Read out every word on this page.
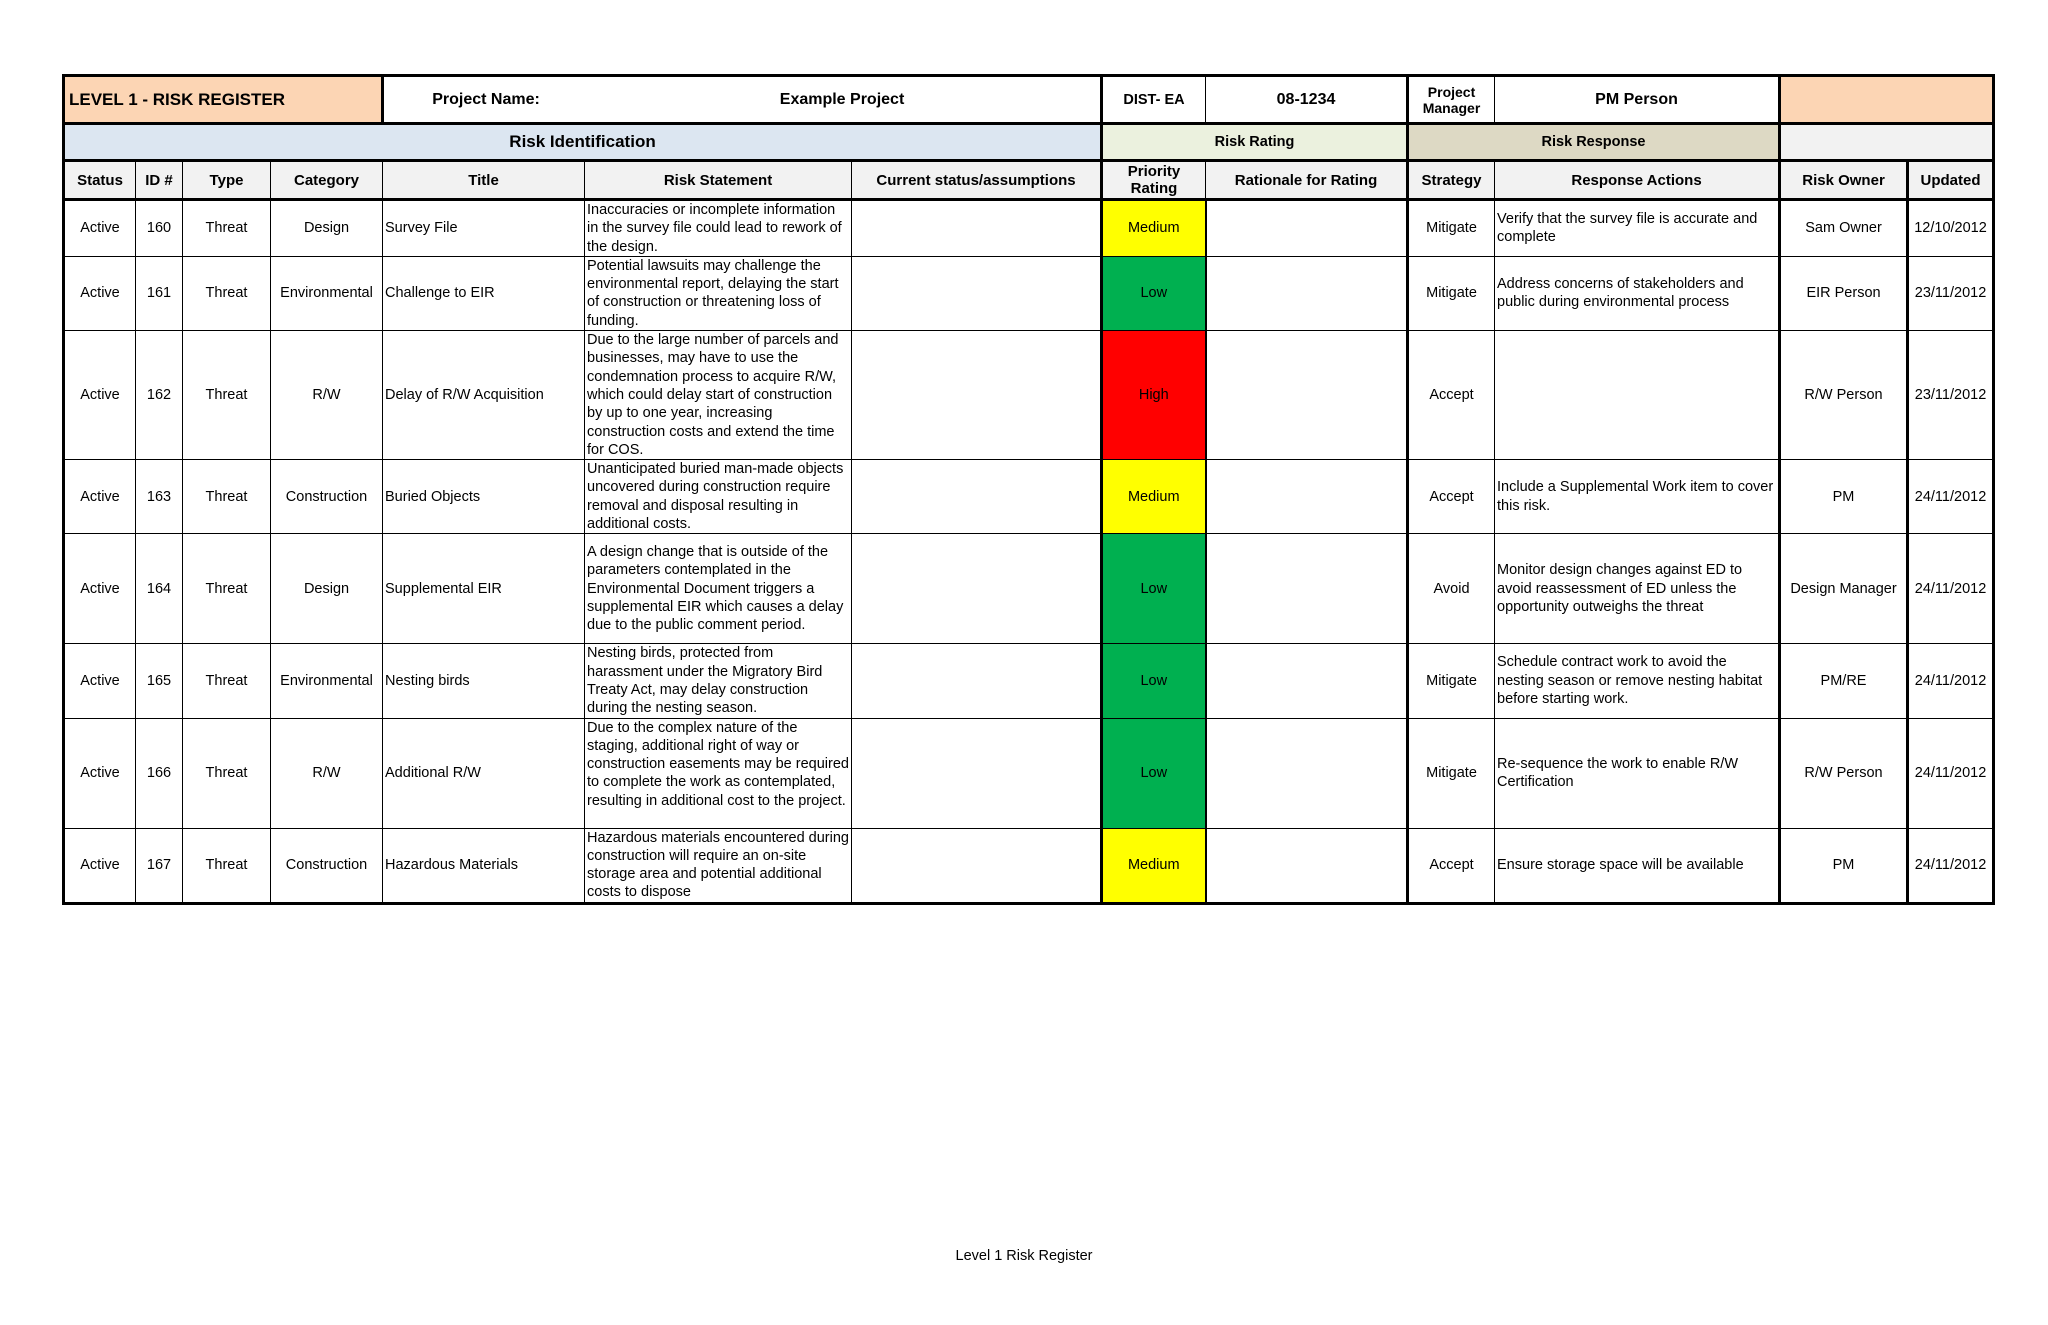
LEVEL 1 - RISK REGISTER				Project Name: Example Project			DIST- EA	08-1234	Project Manager	PM Person		
Risk Identification							Risk Rating		Risk Response			
Status	ID #	Type	Category	Title	Risk Statement	Current status/assumptions	Priority Rating	Rationale for Rating	Strategy	Response Actions	Risk Owner	Updated
Active	160	Threat	Design	Survey File	Inaccuracies or incomplete information in the survey file could lead to rework of the design.		Medium		Mitigate	Verify that the survey file is accurate and complete	Sam Owner	12/10/2012
Active	161	Threat	Environmental	Challenge to EIR	Potential lawsuits may challenge the environmental report, delaying the start of construction or threatening loss of funding.		Low		Mitigate	Address concerns of stakeholders and public during environmental process	EIR Person	23/11/2012
Active	162	Threat	R/W	Delay of R/W Acquisition	Due to the large number of parcels and businesses, may have to use the condemnation process to acquire R/W, which could delay start of construction by up to one year, increasing construction costs and extend the time for COS.		High		Accept		R/W Person	23/11/2012
Active	163	Threat	Construction	Buried Objects	Unanticipated buried man-made objects uncovered during construction require removal and disposal resulting in additional costs.		Medium		Accept	Include a Supplemental Work item to cover this risk.	PM	24/11/2012
Active	164	Threat	Design	Supplemental EIR	A design change that is outside of the parameters contemplated in the Environmental Document triggers a supplemental EIR which causes a delay due to the public comment period.		Low		Avoid	Monitor design changes against ED to avoid reassessment of ED unless the opportunity outweighs the threat	Design Manager	24/11/2012
Active	165	Threat	Environmental	Nesting birds	Nesting birds, protected from harassment under the Migratory Bird Treaty Act, may delay construction during the nesting season.		Low		Mitigate	Schedule contract work to avoid the nesting season or remove nesting habitat before starting work.	PM/RE	24/11/2012
Active	166	Threat	R/W	Additional R/W	Due to the complex nature of the staging, additional right of way or construction easements may be required to complete the work as contemplated, resulting in additional cost to the project.		Low		Mitigate	Re-sequence the work to enable R/W Certification	R/W Person	24/11/2012
Active	167	Threat	Construction	Hazardous Materials	Hazardous materials encountered during construction will require an on-site storage area and potential additional costs to dispose		Medium		Accept	Ensure storage space will be available	PM	24/11/2012
Level 1 Risk Register
